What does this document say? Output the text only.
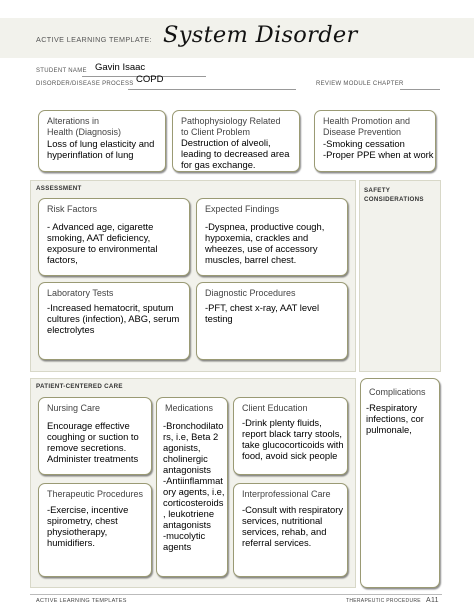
ACTIVE LEARNING TEMPLATE: System Disorder
STUDENT NAME Gavin Isaac
DISORDER/DISEASE PROCESS COPD	REVIEW MODULE CHAPTER
Alterations in
Health (Diagnosis)
Loss of lung elasticity and
hyperinflation of lung
Pathophysiology Related
to Client Problem
Destruction of alveoli,
leading to decreased area
for gas exchange.
Health Promotion and
Disease Prevention
-Smoking cessation
-Proper PPE when at work
ASSESSMENT	SAFETY
CONSIDERATIONS
Risk Factors
- Advanced age, cigarette
smoking, AAT deficiency,
exposure to environmental
factors,
Expected Findings
-Dyspnea, productive cough,
hypoxemia, crackles and
wheezes, use of accessory
muscles, barrel chest.
Laboratory Tests
-Increased hematocrit, sputum
cultures (infection), ABG, serum
electrolytes
Diagnostic Procedures
-PFT, chest x-ray, AAT level
testing
PATIENT-CENTERED CARE
Nursing Care
Encourage effective
coughing or suction to
remove secretions.
Administer treatments
Medications
-Bronchodilato
rs, i.e, Beta 2
agonists,
cholinergic
antagonists
-Antiinflammat
ory agents, i.e,
corticosteroids
, leukotriene
antagonists
-mucolytic
agents
Client Education
-Drink plenty fluids,
report black tarry stools,
take glucocorticoids with
food, avoid sick people
Therapeutic Procedures
-Exercise, incentive
spirometry, chest
physiotherapy,
humidifiers.
Interprofessional Care
-Consult with respiratory
services, nutritional
services, rehab, and
referral services.
Complications
-Respiratory
infections, cor
pulmonale,
ACTIVE LEARNING TEMPLATES	THERAPEUTIC PROCEDURE A11
